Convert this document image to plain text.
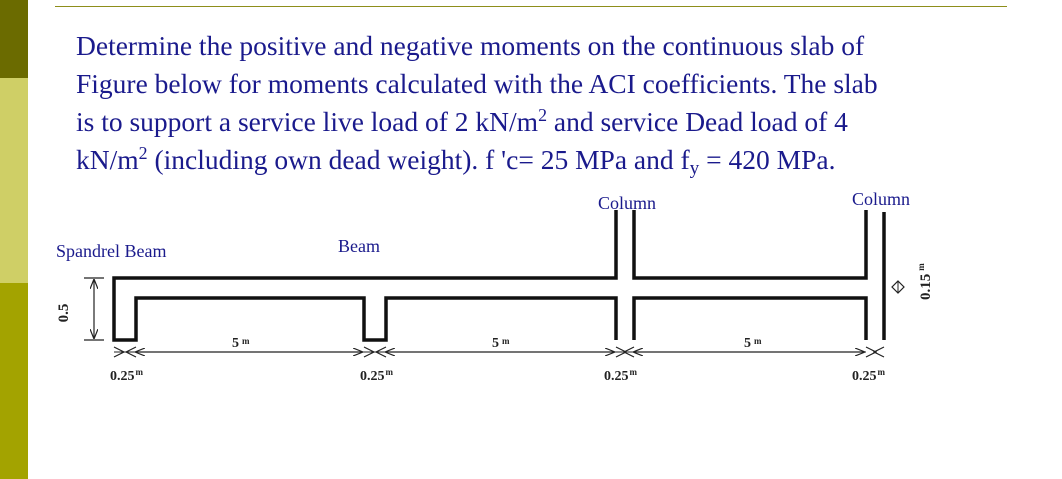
Determine the positive and negative moments on the continuous slab of

Figure below for moments calculated with the ACI coefficients. The slab

is to support a service live load of 2 $kN/m^2$ and service Dead load of 4

$kN/m^2$ (including own dead weight). f 'c= 25 MPa and $f_y = 420$ MPa.

Spandrel Beam	Beam
Column	Column
0.5
0.15$^m$
5 $^m$	5 $^m$	5 $^m$
0.25$^m$	0.25$^m$	0.25$^m$	0.25$^m$
